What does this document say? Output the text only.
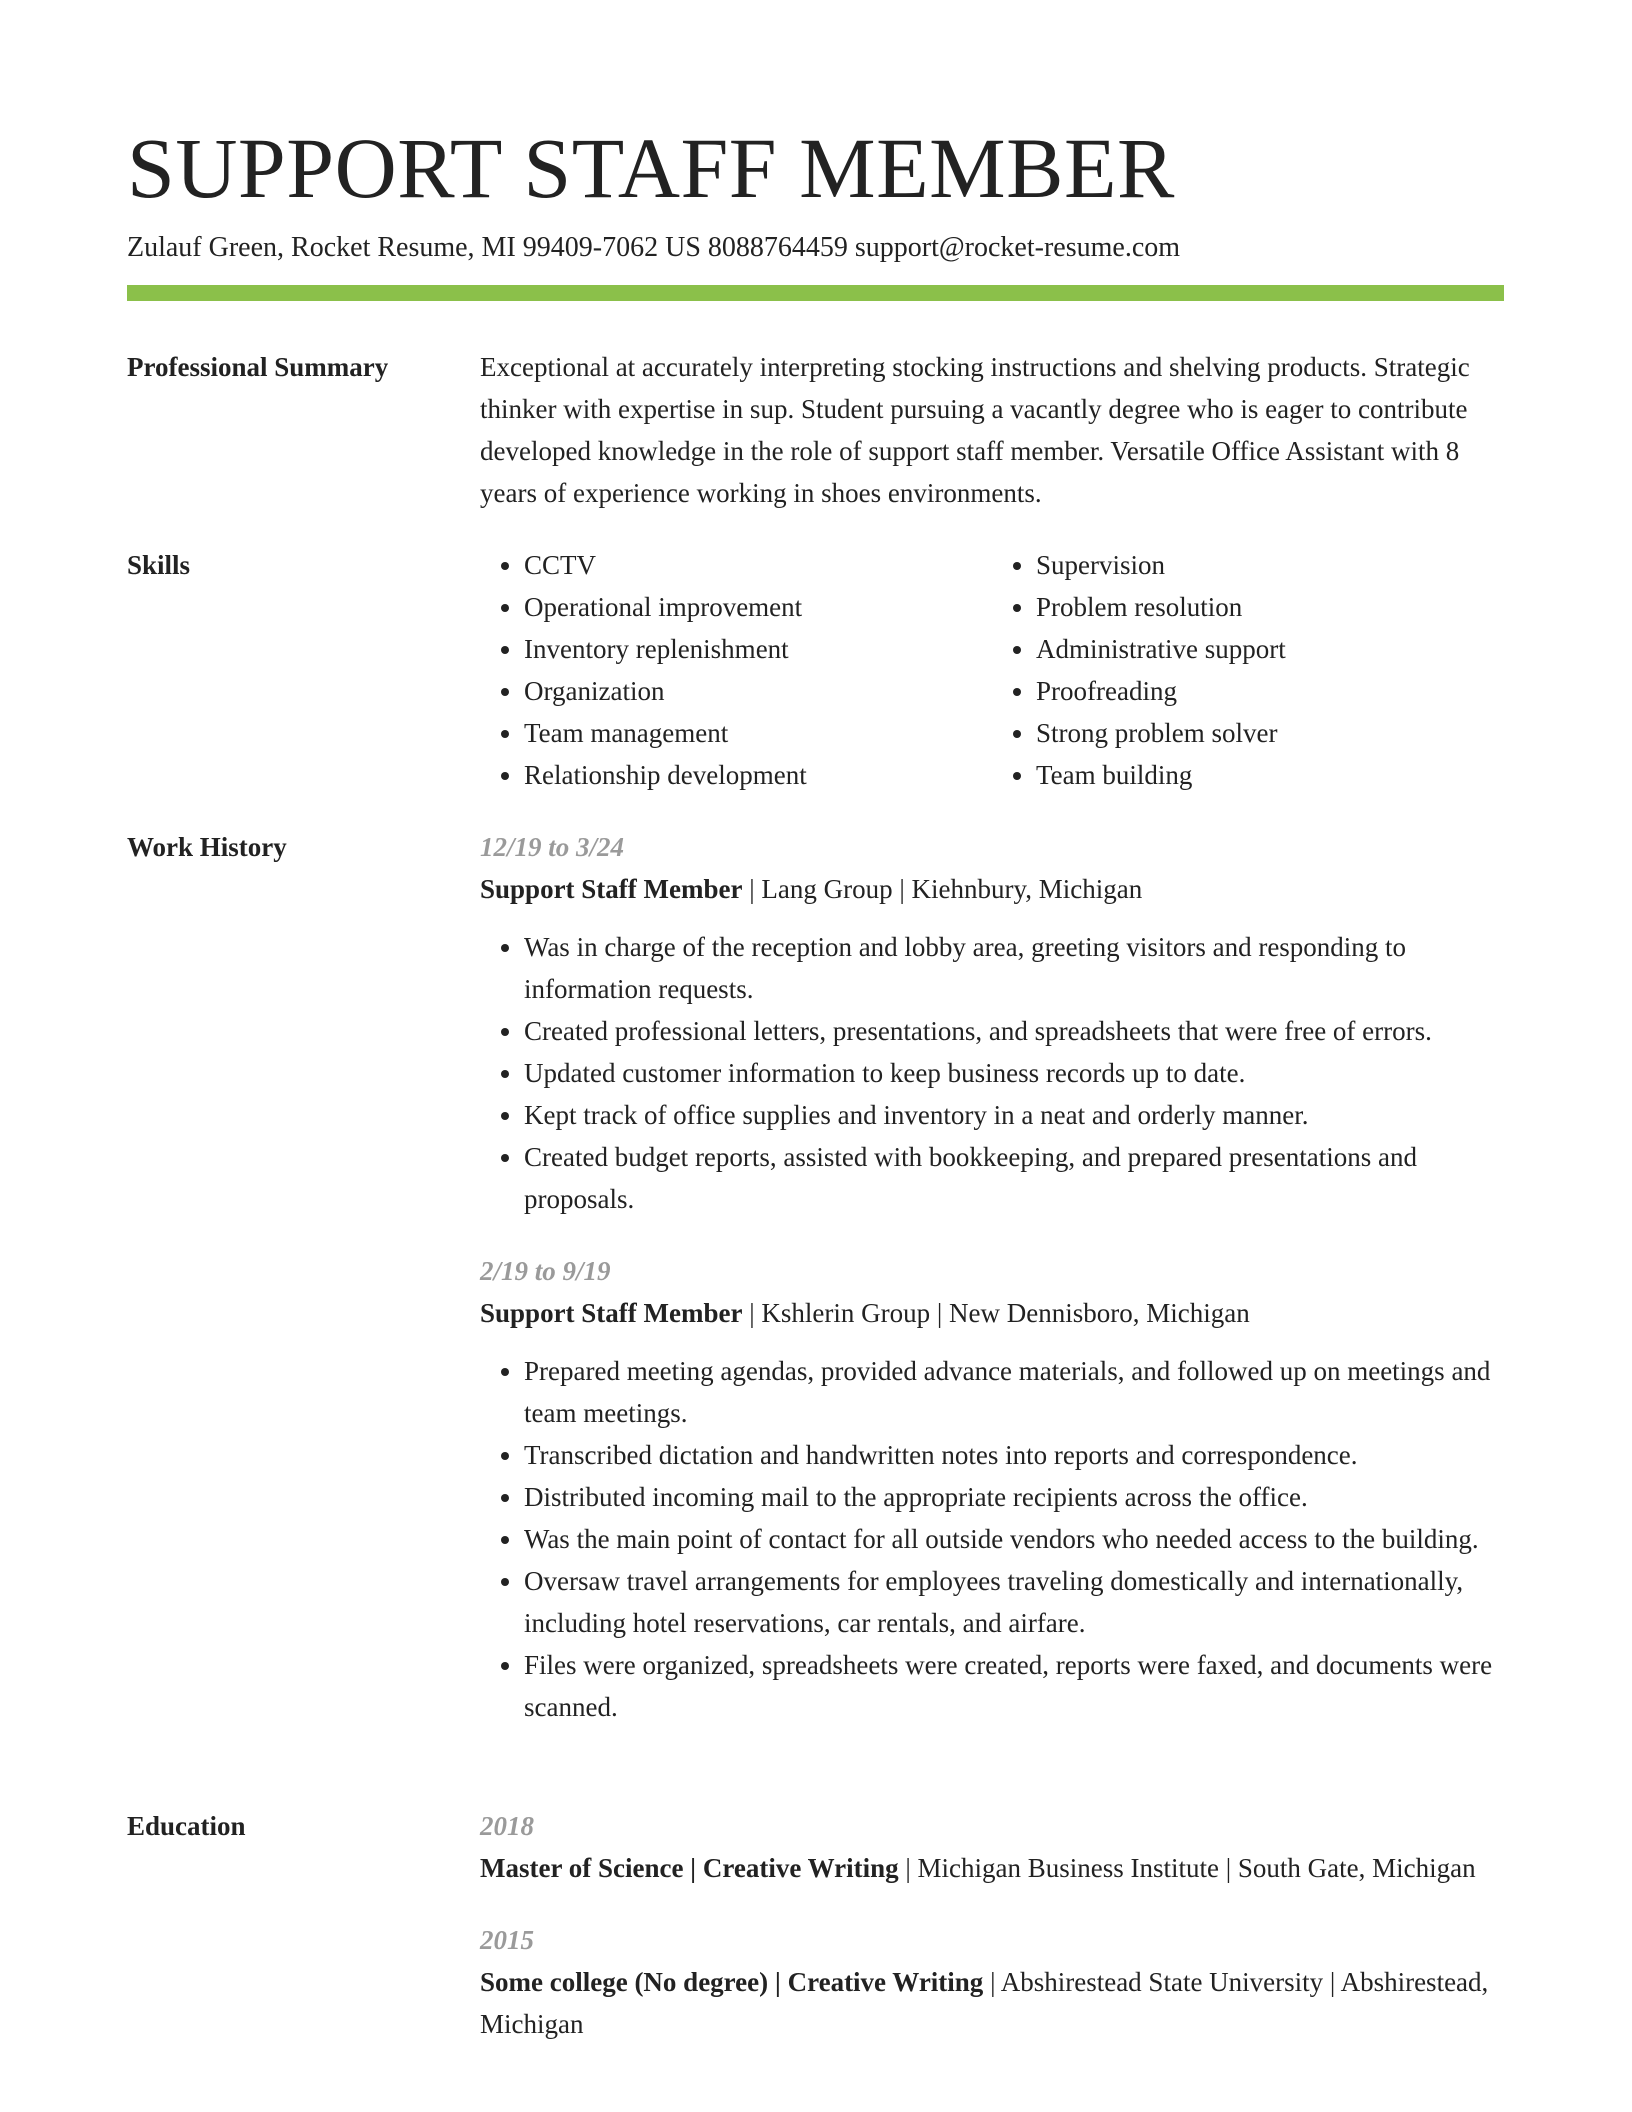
SUPPORT STAFF MEMBER
Zulauf Green, Rocket Resume, MI 99409-7062 US 8088764459 support@rocket-resume.com
Professional Summary	Exceptional at accurately interpreting stocking instructions and shelving products. Strategic thinker with expertise in sup. Student pursuing a vacantly degree who is eager to contribute developed knowledge in the role of support staff member. Versatile Office Assistant with 8 years of experience working in shoes environments.

Skills
•	CCTV
• Operational improvement
• Inventory replenishment
• Organization
• Team management
• Relationship development
• Supervision
• Problem resolution
• Administrative support
• Proofreading
• Strong problem solver
• Team building
Work History	12/19 to 3/24
Support Staff Member | Lang Group | Kiehnbury, Michigan
• Was in charge of the reception and lobby area, greeting visitors and responding to information requests.
• Created professional letters, presentations, and spreadsheets that were free of errors.
• Updated customer information to keep business records up to date.
• Kept track of office supplies and inventory in a neat and orderly manner.
• Created budget reports, assisted with bookkeeping, and prepared presentations and proposals.
2/19 to 9/19
Support Staff Member | Kshlerin Group | New Dennisboro, Michigan
• Prepared meeting agendas, provided advance materials, and followed up on meetings and team meetings.
• Transcribed dictation and handwritten notes into reports and correspondence.
• Distributed incoming mail to the appropriate recipients across the office.
• Was the main point of contact for all outside vendors who needed access to the building.
• Oversaw travel arrangements for employees traveling domestically and internationally, including hotel reservations, car rentals, and airfare.
• Files were organized, spreadsheets were created, reports were faxed, and documents were scanned.
Education	2018
Master of Science | Creative Writing | Michigan Business Institute | South Gate, Michigan
2015
Some college (No degree) | Creative Writing | Abshirestead State University | Abshirestead, Michigan
